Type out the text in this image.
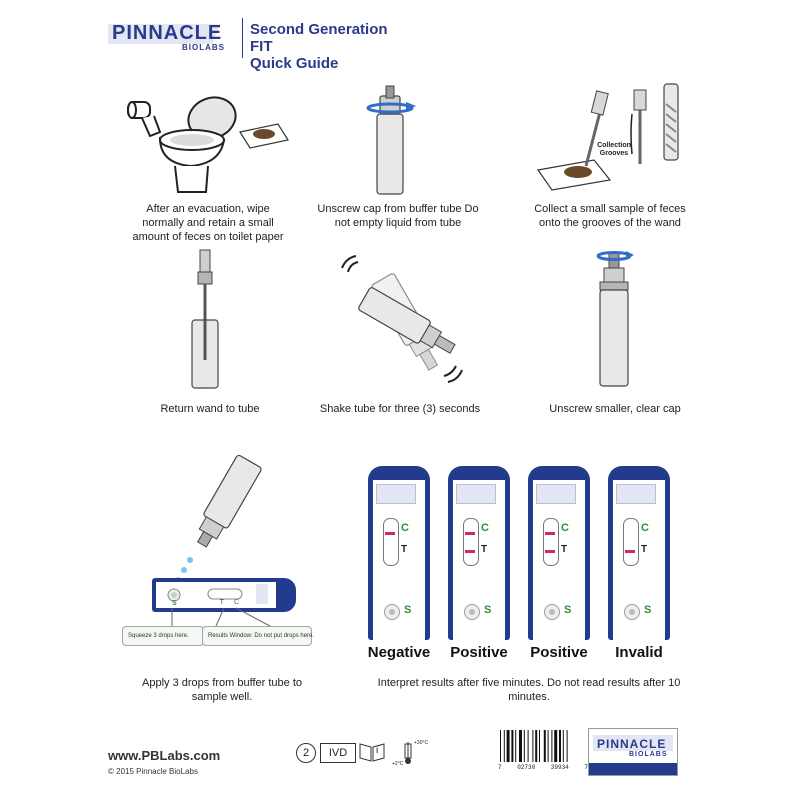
PINNACLE
BIOLABS
Second Generation FIT
Quick Guide
After an evacuation, wipe normally and retain a small amount of feces on toilet paper
Unscrew cap from buffer tube Do not empty liquid from tube
Collection Grooves
Collect a small sample of feces onto the grooves of the wand
Return wand to tube	Shake tube for three (3) seconds	Unscrew smaller, clear cap
S	T C
Squeeze 3 drops here.	Results Window: Do not put drops here.
Apply 3 drops from buffer tube to sample well.
C
T
S
Negative
C
T
S
Positive
C
T
S
Positive
C
T
S
Invalid
Interpret results after five minutes. Do not read results after 10 minutes.
www.PBLabs.com
© 2015 Pinnacle BioLabs
2	IVD	i
+30°C
+2°C	7	02730	39934	7
PINNACLE
BIOLABS
